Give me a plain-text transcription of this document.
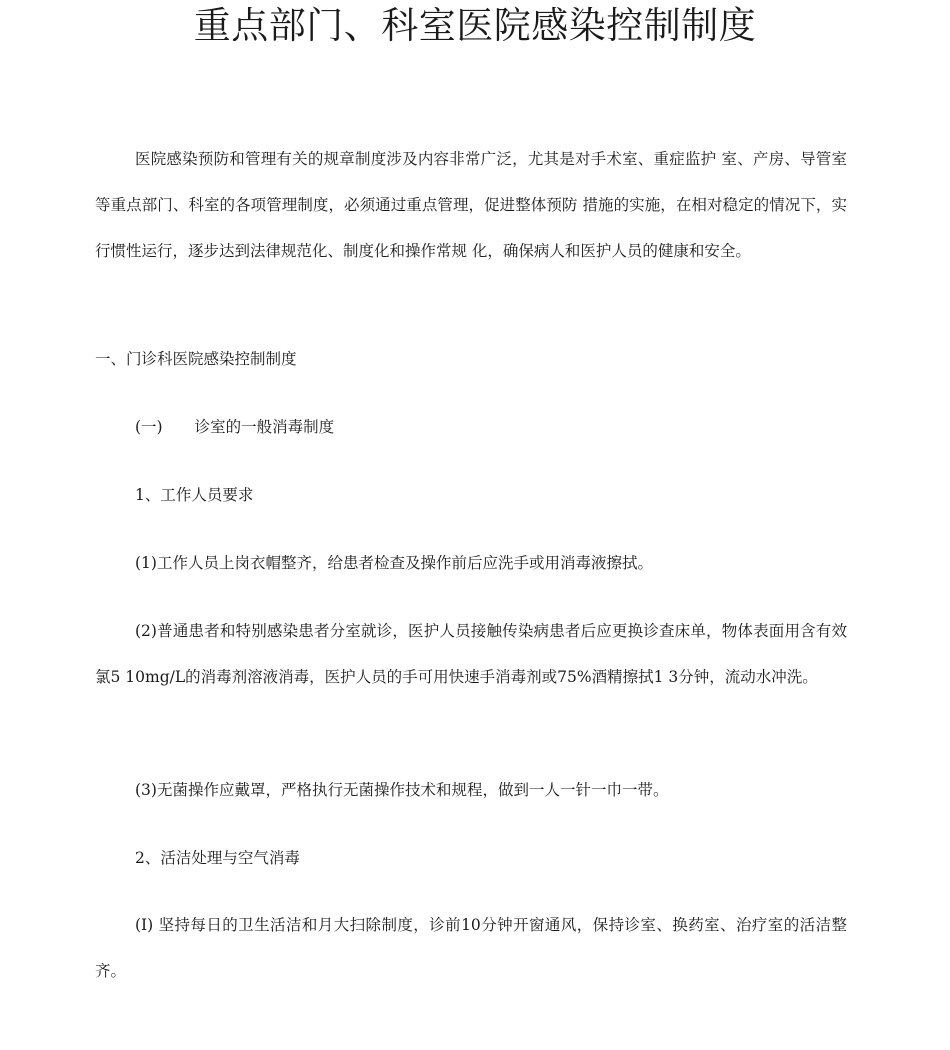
重点部门、科室医院感染控制制度

医院感染预防和管理有关的规章制度涉及内容非常广泛，尤其是对手术室、重症监护 室、产房、导管室等重点部门、科室的各项管理制度，必须通过重点管理，促进整体预防 措施的实施，在相对稳定的情况下，实行惯性运行，逐步达到法律规范化、制度化和操作常规 化，确保病人和医护人员的健康和安全。

一、门诊科医院感染控制制度

(一) 诊室的一般消毒制度

1、工作人员要求

(1)工作人员上岗衣帽整齐，给患者检查及操作前后应洗手或用消毒液擦拭。

(2)普通患者和特别感染患者分室就诊，医护人员接触传染病患者后应更换诊查床单，物体表面用含有效氯5 10mg/L的消毒剂溶液消毒，医护人员的手可用快速手消毒剂或75%酒精擦拭1 3分钟，流动水冲洗。

(3)无菌操作应戴罩，严格执行无菌操作技术和规程，做到一人一针一巾一带。

2、活洁处理与空气消毒

(I) 坚持每日的卫生活洁和月大扫除制度，诊前10分钟开窗通风，保持诊室、换药室、治疗室的活洁整齐。
